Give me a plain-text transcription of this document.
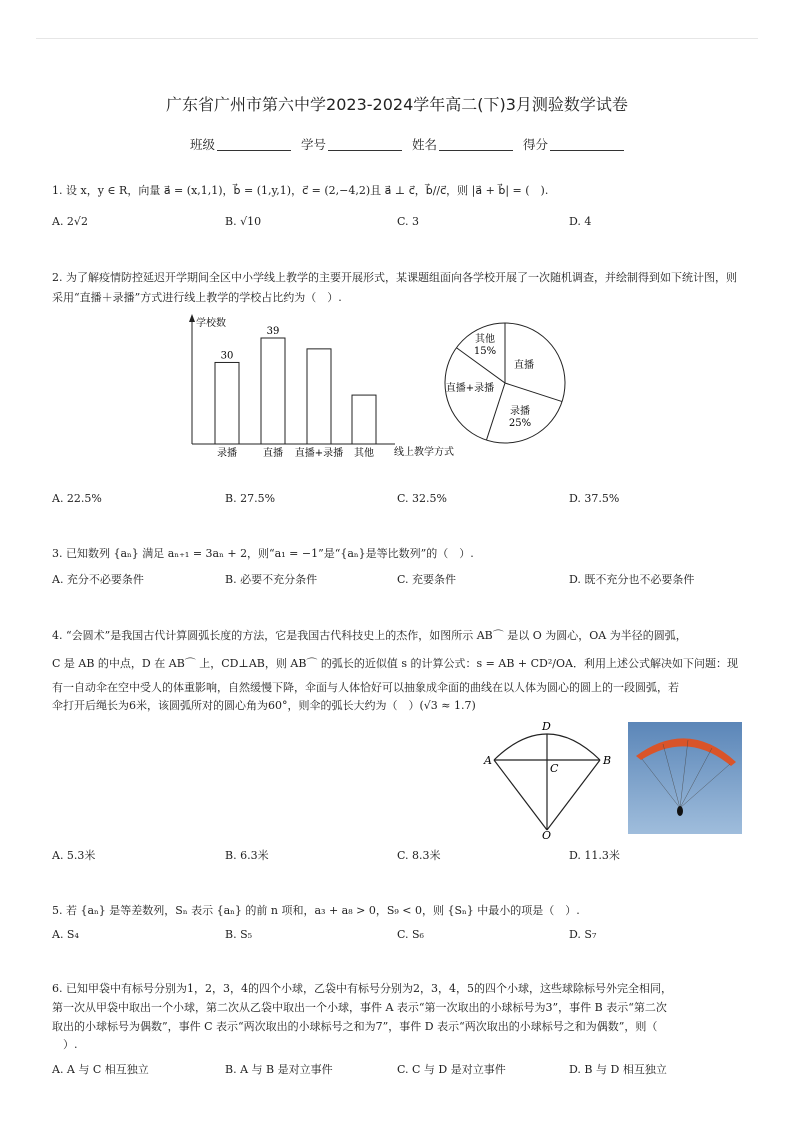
广东省广州市第六中学2023-2024学年高二(下)3月测验数学试卷
班级	学号	姓名	得分
1. 设 x，y ∈ R，向量 a⃗ = (x,1,1)，b⃗ = (1,y,1)，c⃗ = (2,−4,2)且 a⃗ ⊥ c⃗，b⃗//c⃗，则 |a⃗ + b⃗| = (　).
A. 2√2	B. √10	C. 3	D. 4
2. 为了解疫情防控延迟开学期间全区中小学线上教学的主要开展形式，某课题组面向各学校开展了一次随机调查，并绘制得到如下统计图，则采用“直播＋录播”方式进行线上教学的学校占比约为（　）.
学校数
线上教学方式
录播
30
直播
39
直播+录播 其他
直播
录播
25%
直播+录播
其他
15%
A. 22.5%	B. 27.5%	C. 32.5%	D. 37.5%
3. 已知数列 {aₙ} 满足 aₙ₊₁ = 3aₙ + 2，则“a₁ = −1”是“{aₙ}是等比数列”的（　）.
A. 充分不必要条件	B. 必要不充分条件	C. 充要条件	D. 既不充分也不必要条件
4. “会圆术”是我国古代计算圆弧长度的方法，它是我国古代科技史上的杰作，如图所示 AB⌒ 是以 O 为圆心，OA 为半径的圆弧，
C 是 AB 的中点，D 在 AB⌒ 上，CD⊥AB，则 AB⌒ 的弧长的近似值 s 的计算公式：s = AB + CD²/OA．利用上述公式解决如下问题：现
有一自动伞在空中受人的体重影响，自然缓慢下降，伞面与人体恰好可以抽象成伞面的曲线在以人体为圆心的圆上的一段圆弧，若
伞打开后绳长为6米，该圆弧所对的圆心角为60°，则伞的弧长大约为（　）(√3 ≈ 1.7)
A	B
C
D
O
A. 5.3米	B. 6.3米	C. 8.3米	D. 11.3米
5. 若 {aₙ} 是等差数列，Sₙ 表示 {aₙ} 的前 n 项和，a₃ + a₈ > 0，S₉ < 0，则 {Sₙ} 中最小的项是（　）.
A. S₄	B. S₅	C. S₆	D. S₇
6. 已知甲袋中有标号分别为1，2，3，4的四个小球，乙袋中有标号分别为2，3，4，5的四个小球，这些球除标号外完全相同，
第一次从甲袋中取出一个小球，第二次从乙袋中取出一个小球，事件 A 表示“第一次取出的小球标号为3”，事件 B 表示“第二次
取出的小球标号为偶数”，事件 C 表示“两次取出的小球标号之和为7”，事件 D 表示“两次取出的小球标号之和为偶数”，则（
　）.
A. A 与 C 相互独立	B. A 与 B 是对立事件	C. C 与 D 是对立事件	D. B 与 D 相互独立
